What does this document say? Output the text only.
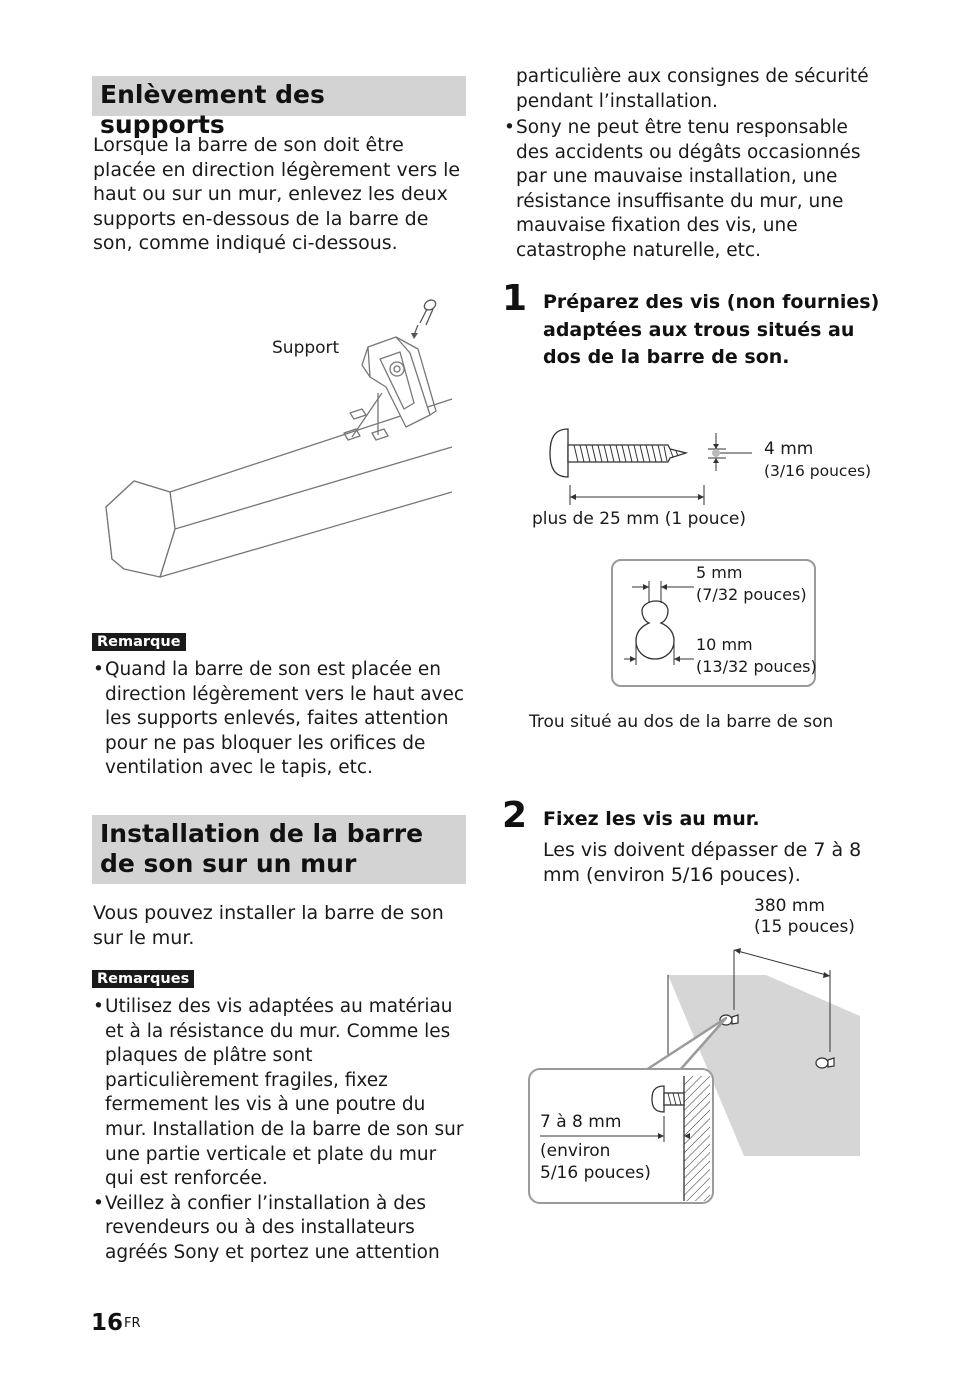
Enlèvement des supports

Lorsque la barre de son doit être placée en direction légèrement vers le haut ou sur un mur, enlevez les deux supports en-dessous de la barre de son, comme indiqué ci-dessous.

Support
Remarque
• Quand la barre de son est placée en direction légèrement vers le haut avec les supports enlevés, faites attention pour ne pas bloquer les orifices de ventilation avec le tapis, etc.
Installation de la barre de son sur un mur

Vous pouvez installer la barre de son sur le mur.

Remarques
• Utilisez des vis adaptées au matériau et à la résistance du mur. Comme les plaques de plâtre sont particulièrement fragiles, fixez fermement les vis à une poutre du mur. Installation de la barre de son sur une partie verticale et plate du mur qui est renforcée.
• Veillez à confier l’installation à des revendeurs ou à des installateurs agréés Sony et portez une attention

particulière aux consignes de sécurité pendant l’installation.

• Sony ne peut être tenu responsable des accidents ou dégâts occasionnés par une mauvaise installation, une résistance insuffisante du mur, une mauvaise fixation des vis, une catastrophe naturelle, etc.
1 Préparez des vis (non fournies) adaptées aux trous situés au dos de la barre de son.

4 mm
(3/16 pouces)
plus de 25 mm (1 pouce)
5 mm
(7/32 pouces)
10 mm
(13/32 pouces)
Trou situé au dos de la barre de son
2 Fixez les vis au mur.

Les vis doivent dépasser de 7 à 8 mm (environ 5/16 pouces).

380 mm
(15 pouces)
7 à 8 mm
(environ
5/16 pouces)
$16^{FR}$
